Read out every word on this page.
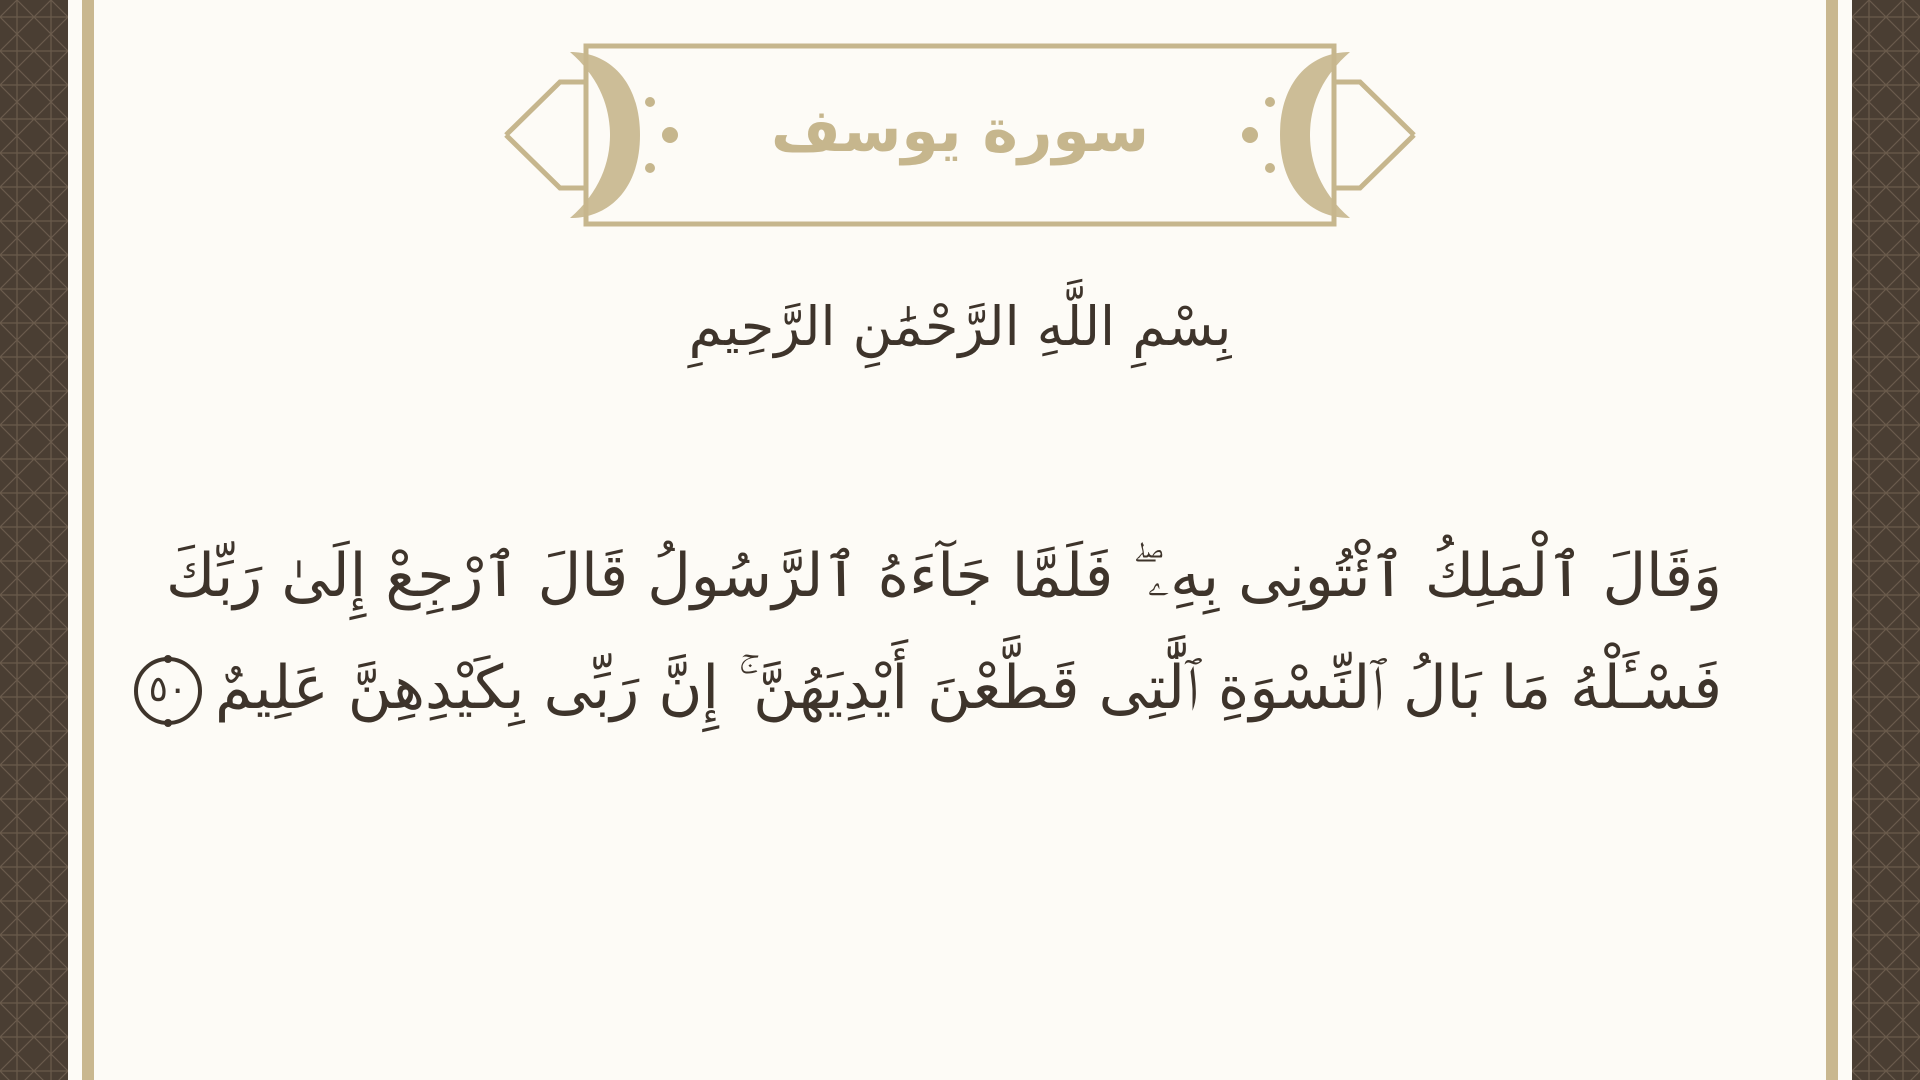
سورة يوسف
بِسْمِ اللَّهِ الرَّحْمَٰنِ الرَّحِيمِ
وَقَالَ ٱلْمَلِكُ ٱئْتُونِى بِهِۦ ۖ فَلَمَّا جَآءَهُ ٱلرَّسُولُ قَالَ ٱرْجِعْ إِلَىٰ رَبِّكَ
فَسْـَٔلْهُ مَا بَالُ ٱلنِّسْوَةِ ٱلَّٰتِى قَطَّعْنَ أَيْدِيَهُنَّ ۚ إِنَّ رَبِّى بِكَيْدِهِنَّ عَلِيمٌ
٥٠
